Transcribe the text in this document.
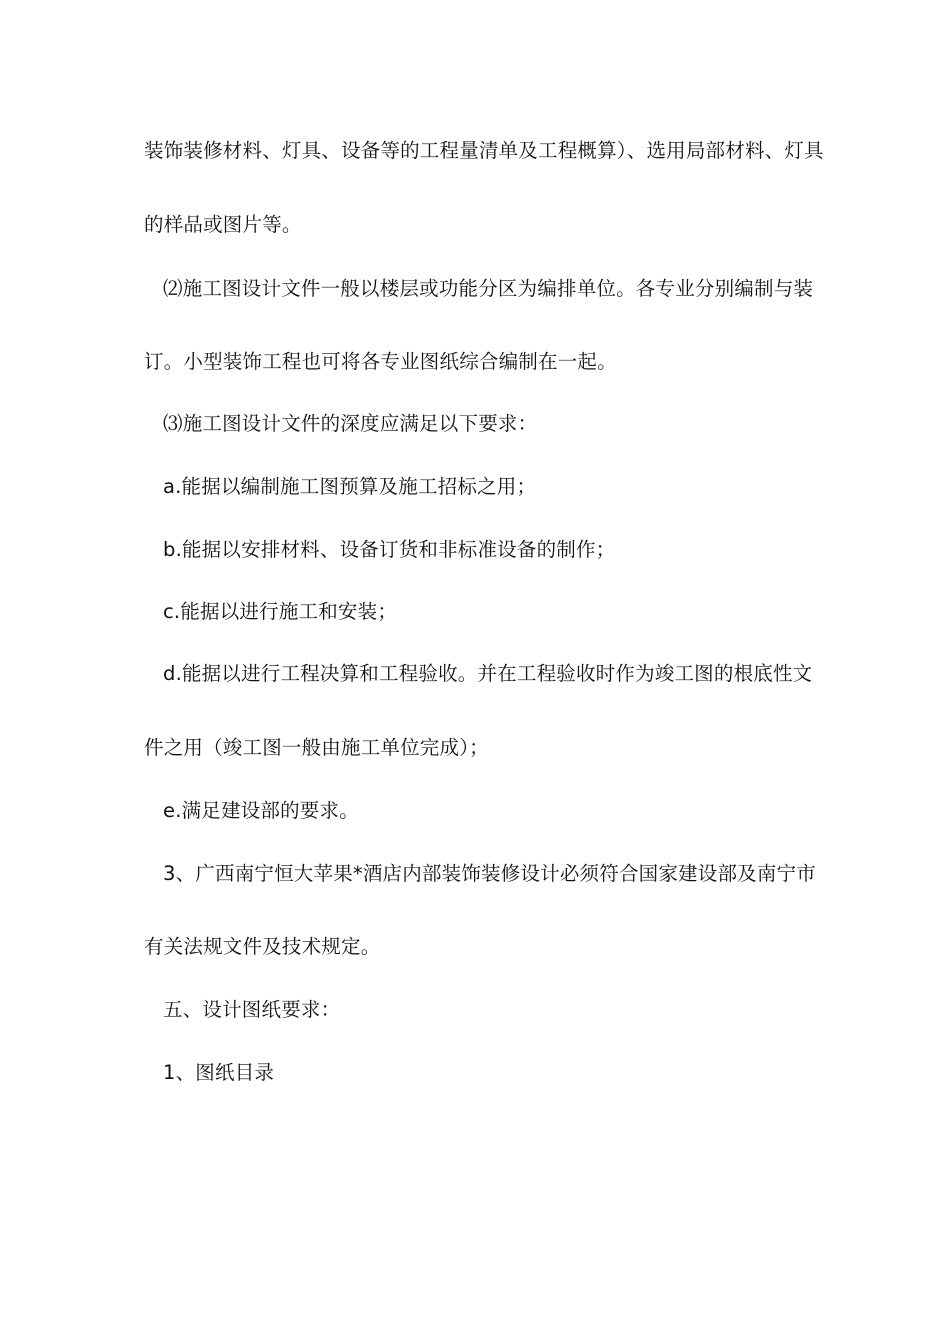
装饰装修材料、灯具、设备等的工程量清单及工程概算）、选用局部材料、灯具
的样品或图片等。
⑵施工图设计文件一般以楼层或功能分区为编排单位。各专业分别编制与装
订。小型装饰工程也可将各专业图纸综合编制在一起。
⑶施工图设计文件的深度应满足以下要求：
a.能据以编制施工图预算及施工招标之用；
b.能据以安排材料、设备订货和非标准设备的制作；
c.能据以进行施工和安装；
d.能据以进行工程决算和工程验收。并在工程验收时作为竣工图的根底性文
件之用（竣工图一般由施工单位完成）；
e.满足建设部的要求。
3、广西南宁恒大苹果*酒店内部装饰装修设计必须符合国家建设部及南宁市
有关法规文件及技术规定。
五、设计图纸要求：
1、图纸目录
